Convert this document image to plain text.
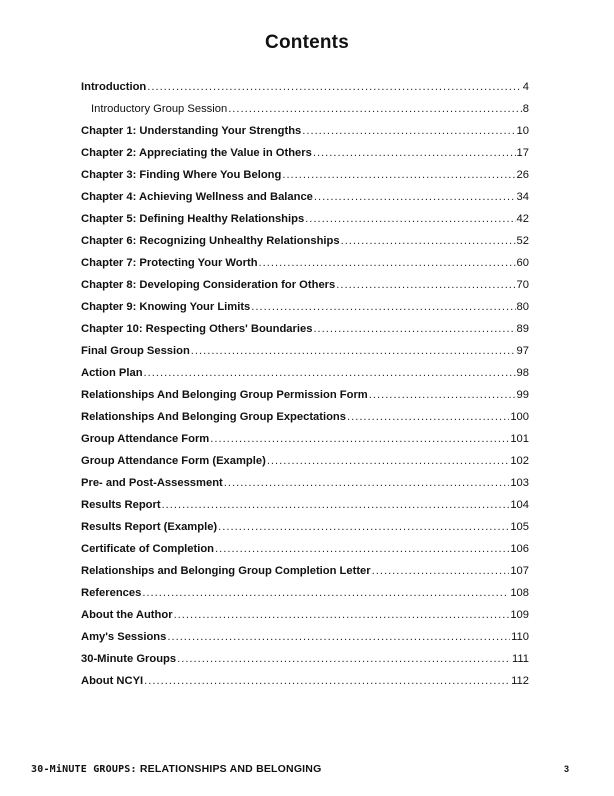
Contents
Introduction .....	4
Introductory Group Session .....	8
Chapter 1: Understanding Your Strengths .....	10
Chapter 2: Appreciating the Value in Others .....	17
Chapter 3: Finding Where You Belong .....	26
Chapter 4: Achieving Wellness and Balance .....	34
Chapter 5: Defining Healthy Relationships .....	42
Chapter 6: Recognizing Unhealthy Relationships .....	52
Chapter 7: Protecting Your Worth .....	60
Chapter 8: Developing Consideration for Others .....	70
Chapter 9: Knowing Your Limits .....	80
Chapter 10: Respecting Others' Boundaries .....	89
Final Group Session .....	97
Action Plan .....	98
Relationships And Belonging Group Permission Form .....	99
Relationships And Belonging Group Expectations .....	100
Group Attendance Form .....	101
Group Attendance Form (Example) .....	102
Pre- and Post-Assessment .....	103
Results Report .....	104
Results Report (Example) .....	105
Certificate of Completion .....	106
Relationships and Belonging Group Completion Letter .....	107
References .....	108
About the Author .....	109
Amy's Sessions .....	110
30-Minute Groups .....	111
About NCYI .....	112
30-MiNUTE GROUPS: RELATIONSHIPS AND BELONGING	3
